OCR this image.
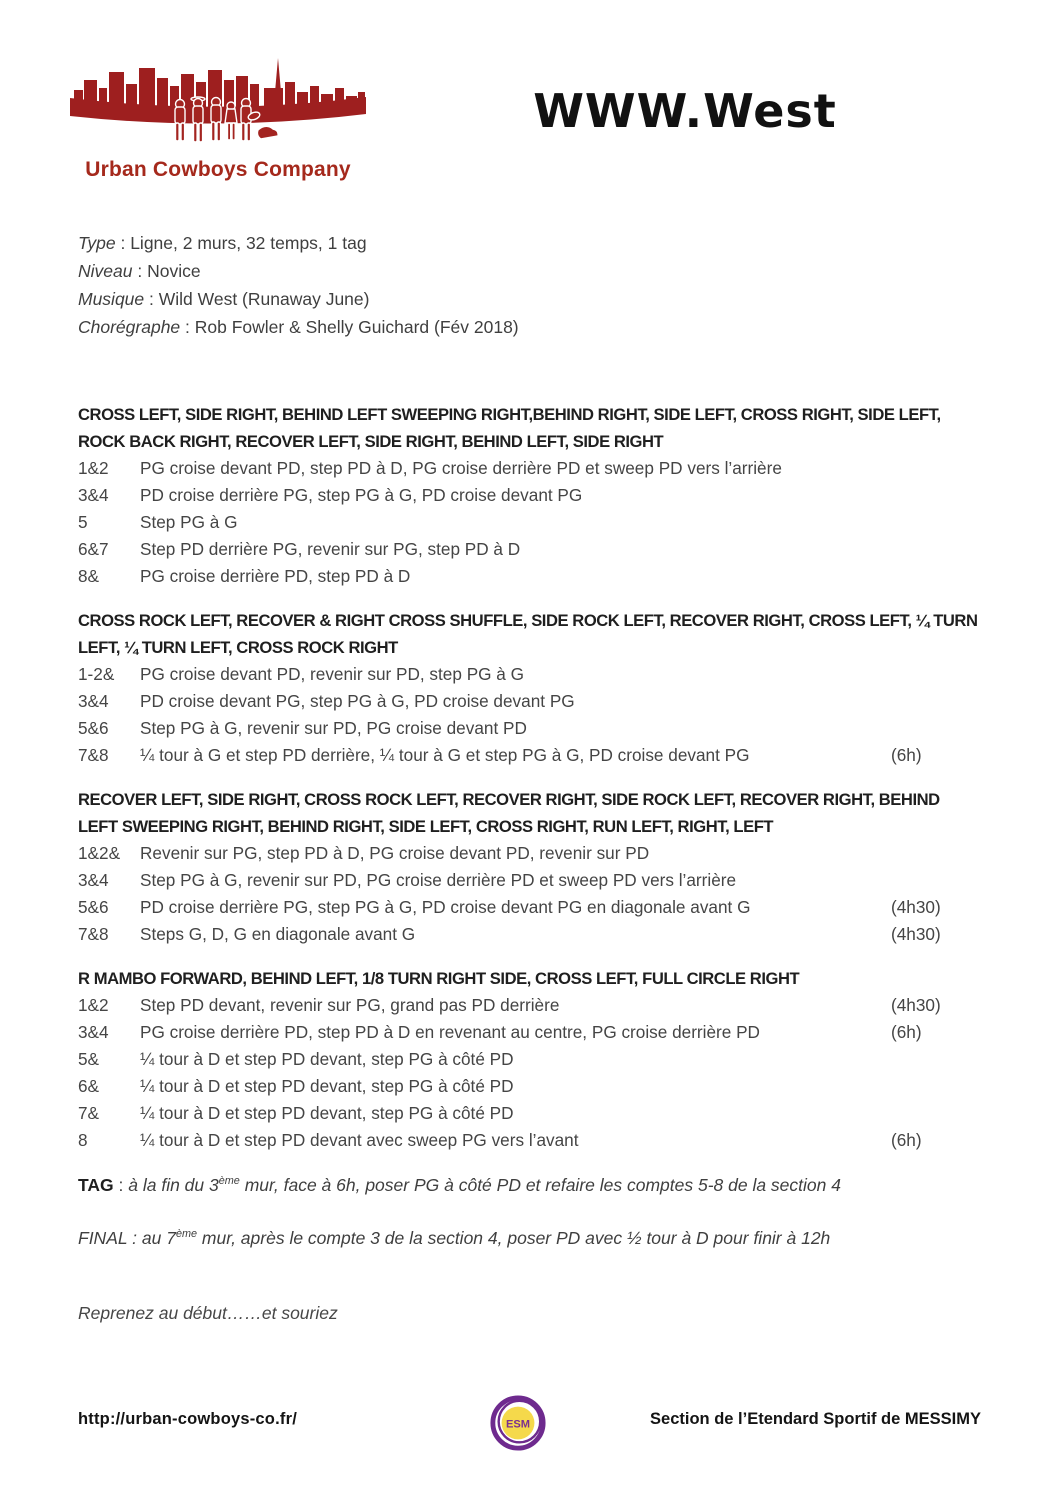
Urban Cowboys Company
WWW.West
Type : Ligne, 2 murs, 32 temps, 1 tag
Niveau : Novice
Musique : Wild West (Runaway June)
Chorégraphe : Rob Fowler & Shelly Guichard (Fév 2018)
CROSS LEFT, SIDE RIGHT, BEHIND LEFT SWEEPING RIGHT,BEHIND RIGHT, SIDE LEFT, CROSS RIGHT, SIDE LEFT, ROCK BACK RIGHT, RECOVER LEFT, SIDE RIGHT, BEHIND LEFT, SIDE RIGHT
1&2	PG croise devant PD, step PD à D, PG croise derrière PD et sweep PD vers l’arrière
3&4	PD croise derrière PG, step PG à G, PD croise devant PG
5	Step PG à G
6&7	Step PD derrière PG, revenir sur PG, step PD à D
8&	PG croise derrière PD, step PD à D
CROSS ROCK LEFT, RECOVER & RIGHT CROSS SHUFFLE, SIDE ROCK LEFT, RECOVER RIGHT, CROSS LEFT, ¼ TURN LEFT, ¼ TURN LEFT, CROSS ROCK RIGHT
1-2&	PG croise devant PD, revenir sur PD, step PG à G
3&4	PD croise devant PG, step PG à G, PD croise devant PG
5&6	Step PG à G, revenir sur PD, PG croise devant PD
7&8	¼ tour à G et step PD derrière, ¼ tour à G et step PG à G, PD croise devant PG	(6h)
RECOVER LEFT, SIDE RIGHT, CROSS ROCK LEFT, RECOVER RIGHT, SIDE ROCK LEFT, RECOVER RIGHT, BEHIND LEFT SWEEPING RIGHT, BEHIND RIGHT, SIDE LEFT, CROSS RIGHT, RUN LEFT, RIGHT, LEFT
1&2&	Revenir sur PG, step PD à D, PG croise devant PD, revenir sur PD
3&4	Step PG à G, revenir sur PD, PG croise derrière PD et sweep PD vers l’arrière
5&6	PD croise derrière PG, step PG à G, PD croise devant PG en diagonale avant G	(4h30)
7&8	Steps G, D, G en diagonale avant G	(4h30)
R MAMBO FORWARD, BEHIND LEFT, 1/8 TURN RIGHT SIDE, CROSS LEFT, FULL CIRCLE RIGHT
1&2	Step PD devant, revenir sur PG, grand pas PD derrière	(4h30)
3&4	PG croise derrière PD, step PD à D en revenant au centre, PG croise derrière PD	(6h)
5&	¼ tour à D et step PD devant, step PG à côté PD
6&	¼ tour à D et step PD devant, step PG à côté PD
7&	¼ tour à D et step PD devant, step PG à côté PD
8	¼ tour à D et step PD devant avec sweep PG vers l’avant	(6h)

TAG : à la fin du 3ème mur, face à 6h, poser PG à côté PD et refaire les comptes 5-8 de la section 4

FINAL : au 7ème mur, après le compte 3 de la section 4, poser PD avec ½ tour à D pour finir à 12h

Reprenez au début……et souriez

http://urban-cowboys-co.fr/	ESM	Section de l’Etendard Sportif de MESSIMY
